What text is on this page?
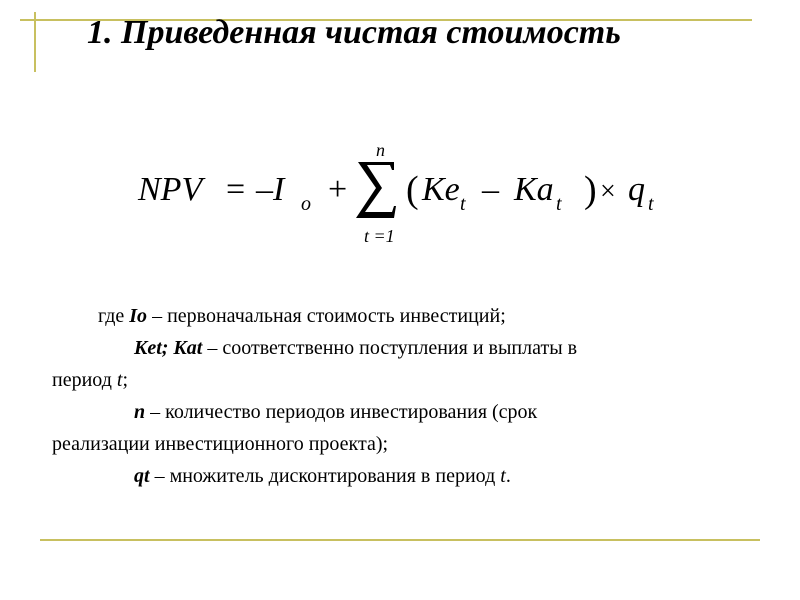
1. Приведенная чистая стоимость
NPV = –I o +
n
t =1
( Ke t – Ka t ) × q t

где Io – первоначальная стоимость инвестиций;

Ket; Kat – соответственно поступления и выплаты в

период t;

n – количество периодов инвестирования (срок

реализации инвестиционного проекта);

qt – множитель дисконтирования в период t.
